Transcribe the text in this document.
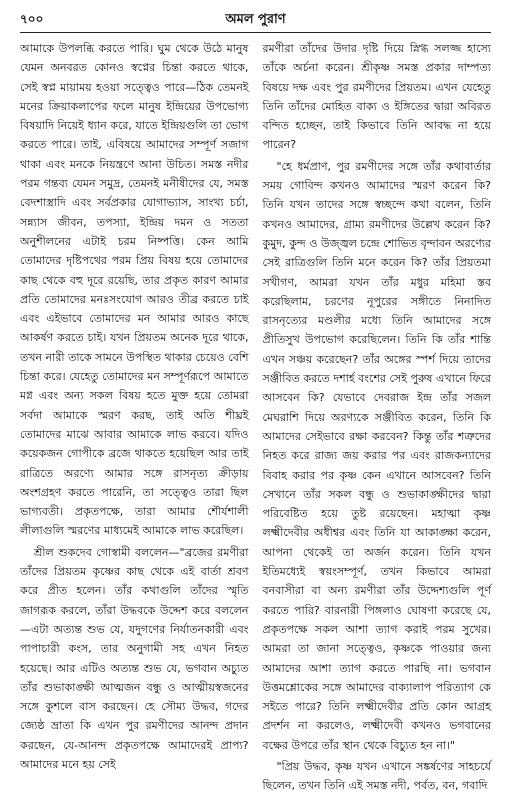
৭০০	অমল পুরাণ

আমাকে উপলব্ধি করতে পারি। ঘুম থেকে উঠে মানুষ যেমন অনবরত কোনও স্বপ্নের চিন্তা করতে থাকে, সেই স্বপ্ন মায়াময় হওয়া সত্ত্বেও পারে—ঠিক তেমনই মনের ক্রিয়াকলাপের ফলে মানুষ ইন্দ্রিয়ের উপভোগ্য বিষয়াদি নিয়েই ধ্যান করে, যাতে ইন্দ্রিয়গুলি তা ভোগ করতে পারে। তাই, এবিষয়ে আমাদের সম্পূর্ণ সজাগ থাকা এবং মনকে নিয়ন্ত্রণে আনা উচিত। সমস্ত নদীর পরম গন্তব্য যেমন সমুদ্র, তেমনই মনীষীদের যে, সমস্ত বেদশাস্ত্রাদি এবং সর্বপ্রকার যোগাভ্যাস, সাংখ্য চর্চা, সন্ন্যাস জীবন, তপস্যা, ইন্দ্রিয় দমন ও সততা অনুশীলনের এটাই চরম নিষ্পত্তি। কেন আমি তোমাদের দৃষ্টিপথের পরম প্রিয় বিষয় হয়ে তোমাদের কাছ থেকে বহু দূরে রয়েছি, তার প্রকৃত কারণ আমার প্রতি তোমাদের মনঃসংযোগ আরও তীব্র করতে চাই এবং এইভাবে তোমাদের মন আমার আরও কাছে আকর্ষণ করতে চাই। যখন প্রিয়তম অনেক দূরে থাকে, তখন নারী তাকে সামনে উপস্থিত থাকার চেয়েও বেশি চিন্তা করে। যেহেতু তোমাদের মন সম্পূর্ণরূপে আমাতে মগ্ন এবং অন্য সকল বিষয় হতে মুক্ত হয়ে তোমরা সর্বদা আমাকে স্মরণ করছ, তাই অতি শীঘ্রই তোমাদের মাঝে আবার আমাকে লাভ করবে। যদিও কয়েকজন গোপীকে ব্রজে থাকতে হয়েছিল আর তাই রাত্রিতে অরণ্যে আমার সঙ্গে রাসনৃত্য ক্রীড়ায় অংশগ্রহণ করতে পারেনি, তা সত্ত্বেও তারা ছিল ভাগ্যবতী। প্রকৃতপক্ষে, তারা আমার শৌর্যশালী লীলাগুলি স্মরণের মাধ্যমেই আমাকে লাভ করেছিল।

শ্রীল শুকদেব গোস্বামী বললেন—"ব্রজের রমণীরা তাঁদের প্রিয়তম কৃষ্ণের কাছ থেকে এই বার্তা শ্রবণ করে প্রীত হলেন। তাঁর কথাগুলি তাঁদের স্মৃতি জাগরূক করলে, তাঁরা উদ্ধবকে উদ্দেশ করে বললেন—এটা অত্যন্ত শুভ যে, যদুগণের নির্যাতনকারী এবং পাপাচারী কংস, তার অনুগামী সহ এখন নিহত হয়েছে। আর এটিও অত্যন্ত শুভ যে, ভগবান অচ্যুত তাঁর শুভাকাঙ্ক্ষী আত্মজন বন্ধু ও আত্মীয়স্বজনের সঙ্গে কুশলে বাস করছেন। হে সৌম্য উদ্ধব, গদের জ্যেষ্ঠ ভ্রাতা কি এখন পুর রমণীদের আনন্দ প্রদান করছেন, যে-আনন্দ প্রকৃতপক্ষে আমাদেরই প্রাপ্য? আমাদের মনে হয় সেই

রমণীরা তাঁদের উদার দৃষ্টি দিয়ে স্নিগ্ধ সলজ্জ হাস্যে তাঁকে অর্চনা করেন। শ্রীকৃষ্ণ সমস্ত প্রকার দাম্পত্য বিষয়ে দক্ষ এবং পুর রমণীদের প্রিয়তম। এখন যেহেতু তিনি তাঁদের মোহিত বাক্য ও ইঙ্গিতের দ্বারা অবিরত বন্দিত হচ্ছেন, তাই কিভাবে তিনি আবদ্ধ না হয়ে পারেন?

"হে ধর্মপ্রাণ, পুর রমণীদের সঙ্গে তাঁর কথাবার্তার সময় গোবিন্দ কখনও আমাদের স্মরণ করেন কি? তিনি যখন তাদের সঙ্গে স্বচ্ছন্দে কথা বলেন, তিনি কখনও আমাদের, গ্রাম্য রমণীদের উল্লেখ করেন কি? কুমুদ, কুন্দ ও উজ্জ্বল চন্দ্রে শোভিত বৃন্দাবন অরণ্যের সেই রাত্রিগুলি তিনি মনে করেন কি? তাঁর প্রিয়তমা সখীগণ, আমরা যখন তাঁর মধুর মহিমা স্তব করেছিলাম, চরণের নূপুরের সঙ্গীতে নিনাদিত রাসনৃত্যের মণ্ডলীর মধ্যে তিনি আমাদের সঙ্গে প্রীতিসুখ উপভোগ করেছিলেন। তিনি কি তাঁর শান্তি এখন সঞ্চয় করেছেন? তাঁর অঙ্গের স্পর্শ দিয়ে তাদের সঞ্জীবিত করতে দশার্হ বংশের সেই পুরুষ এখানে ফিরে আসবেন কি? যেভাবে দেবরাজ ইন্দ্র তাঁর সজল মেঘরাশি দিয়ে অরণ্যকে সঞ্জীবিত করেন, তিনি কি আমাদের সেইভাবে রক্ষা করবেন? কিন্তু তাঁর শত্রুদের নিহত করে রাজ্য জয় করার পর এবং রাজকন্যাদের বিবাহ করার পর কৃষ্ণ কেন এখানে আসবেন? তিনি সেখানে তাঁর সকল বন্ধু ও শুভাকাঙ্ক্ষীদের দ্বারা পরিবেষ্টিত হয়ে তুষ্ট রয়েছেন। মহাত্মা কৃষ্ণ লক্ষ্মীদেবীর অধীশ্বর এবং তিনি যা আকাঙ্ক্ষা করেন, আপনা থেকেই তা অর্জন করেন। তিনি যখন ইতিমধ্যেই স্বয়ংসম্পূর্ণ, তখন কিভাবে আমরা বনবাসীরা বা অন্য রমণীরা তাঁর উদ্দেশ্যগুলি পূর্ণ করতে পারি? বারনারী পিঙ্গলাও ঘোষণা করেছে যে, প্রকৃতপক্ষে সকল আশা ত্যাগ করাই পরম সুখের। আমরা তা জানা সত্ত্বেও, কৃষ্ণকে পাওয়ার জন্য আমাদের আশা ত্যাগ করতে পারছি না। ভগবান উত্তমশ্লোকের সঙ্গে আমাদের বাক্যালাপ পরিত্যাগ কে সইতে পারে? তিনি লক্ষ্মীদেবীর প্রতি কোন আগ্রহ প্রদর্শন না করলেও, লক্ষ্মীদেবী কখনও ভগবানের বক্ষের উপরে তাঁর স্থান থেকে বিচ্যুত হন না।"

"প্রিয় উদ্ধব, কৃষ্ণ যখন এখানে সঙ্কর্ষণের সাহচর্যে ছিলেন, তখন তিনি এই সমস্ত নদী, পর্বত, বন, গবাদি
